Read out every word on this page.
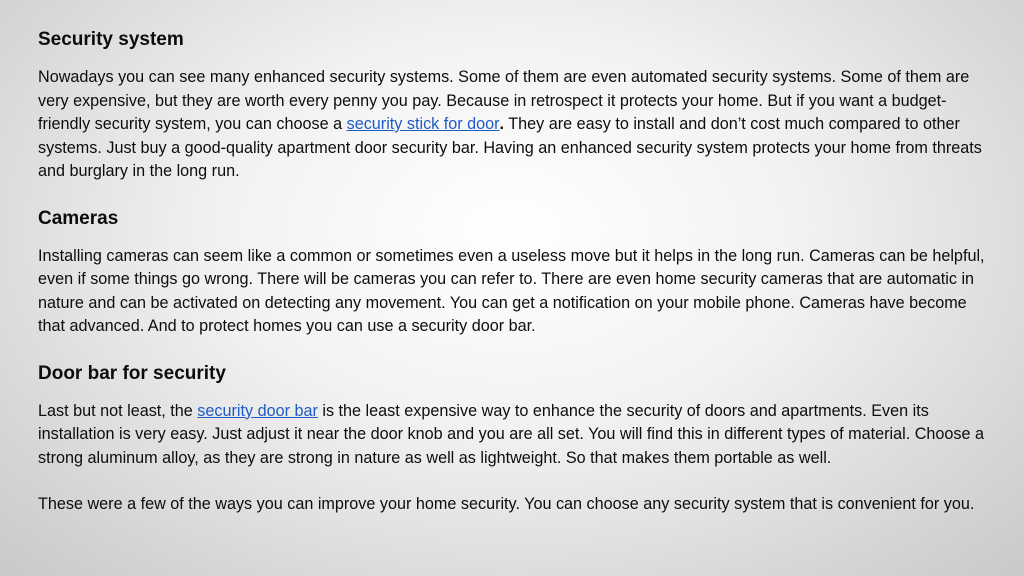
Security system

Nowadays you can see many enhanced security systems. Some of them are even automated security systems. Some of them are very expensive, but they are worth every penny you pay. Because in retrospect it protects your home. But if you want a budget-friendly security system, you can choose a security stick for door. They are easy to install and don’t cost much compared to other systems. Just buy a good-quality apartment door security bar. Having an enhanced security system protects your home from threats and burglary in the long run.

Cameras

Installing cameras can seem like a common or sometimes even a useless move but it helps in the long run. Cameras can be helpful, even if some things go wrong. There will be cameras you can refer to. There are even home security cameras that are automatic in nature and can be activated on detecting any movement. You can get a notification on your mobile phone. Cameras have become that advanced. And to protect homes you can use a security door bar.

Door bar for security

Last but not least, the security door bar is the least expensive way to enhance the security of doors and apartments. Even its installation is very easy. Just adjust it near the door knob and you are all set. You will find this in different types of material. Choose a strong aluminum alloy, as they are strong in nature as well as lightweight. So that makes them portable as well.

These were a few of the ways you can improve your home security. You can choose any security system that is convenient for you.
